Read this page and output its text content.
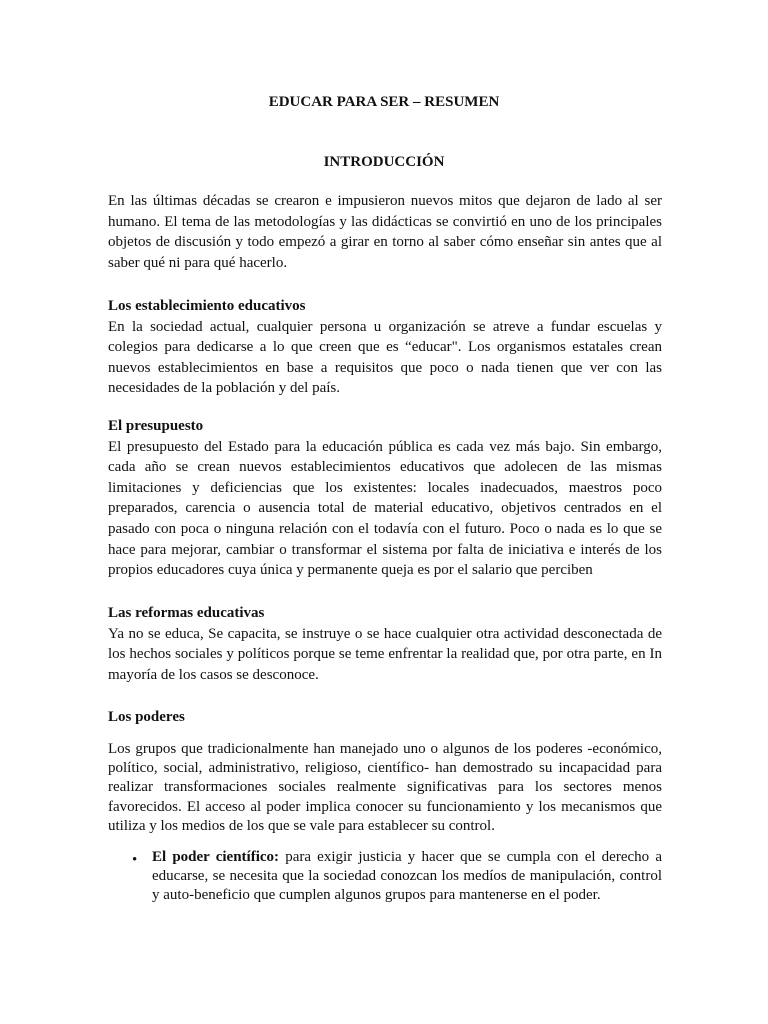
EDUCAR PARA SER – RESUMEN
INTRODUCCIÓN

En las últimas décadas se crearon e impusieron nuevos mitos que dejaron de lado al ser humano. El tema de las metodologías y las didácticas se convirtió en uno de los principales objetos de discusión y todo empezó a girar en torno al saber cómo enseñar sin antes que al saber qué ni para qué hacerlo.

Los establecimiento educativos

En la sociedad actual, cualquier persona u organización se atreve a fundar escuelas y colegios para dedicarse a lo que creen que es “educar". Los organismos estatales crean nuevos establecimientos en base a requisitos que poco o nada tienen que ver con las necesidades de la población y del país.

El presupuesto

El presupuesto del Estado para la educación pública es cada vez más bajo. Sin embargo, cada año se crean nuevos establecimientos educativos que adolecen de las mismas limitaciones y deficiencias que los existentes: locales inadecuados, maestros poco preparados, carencia o ausencia total de material educativo, objetivos centrados en el pasado con poca o ninguna relación con el todavía con el futuro. Poco o nada es lo que se hace para mejorar, cambiar o transformar el sistema por falta de iniciativa e interés de los propios educadores cuya única y permanente queja es por el salario que perciben

Las reformas educativas

Ya no se educa, Se capacita, se instruye o se hace cualquier otra actividad desconectada de los hechos sociales y políticos porque se teme enfrentar la realidad que, por otra parte, en In mayoría de los casos se desconoce.

Los poderes

Los grupos que tradicionalmente han manejado uno o algunos de los poderes -económico, político, social, administrativo, religioso, científico- han demostrado su incapacidad para realizar transformaciones sociales realmente significativas para los sectores menos favorecidos. El acceso al poder implica conocer su funcionamiento y los mecanismos que utiliza y los medios de los que se vale para establecer su control.

• El poder científico: para exigir justicia y hacer que se cumpla con el derecho a educarse, se necesita que la sociedad conozcan los medíos de manipulación, control y auto-beneficio que cumplen algunos grupos para mantenerse en el poder.
